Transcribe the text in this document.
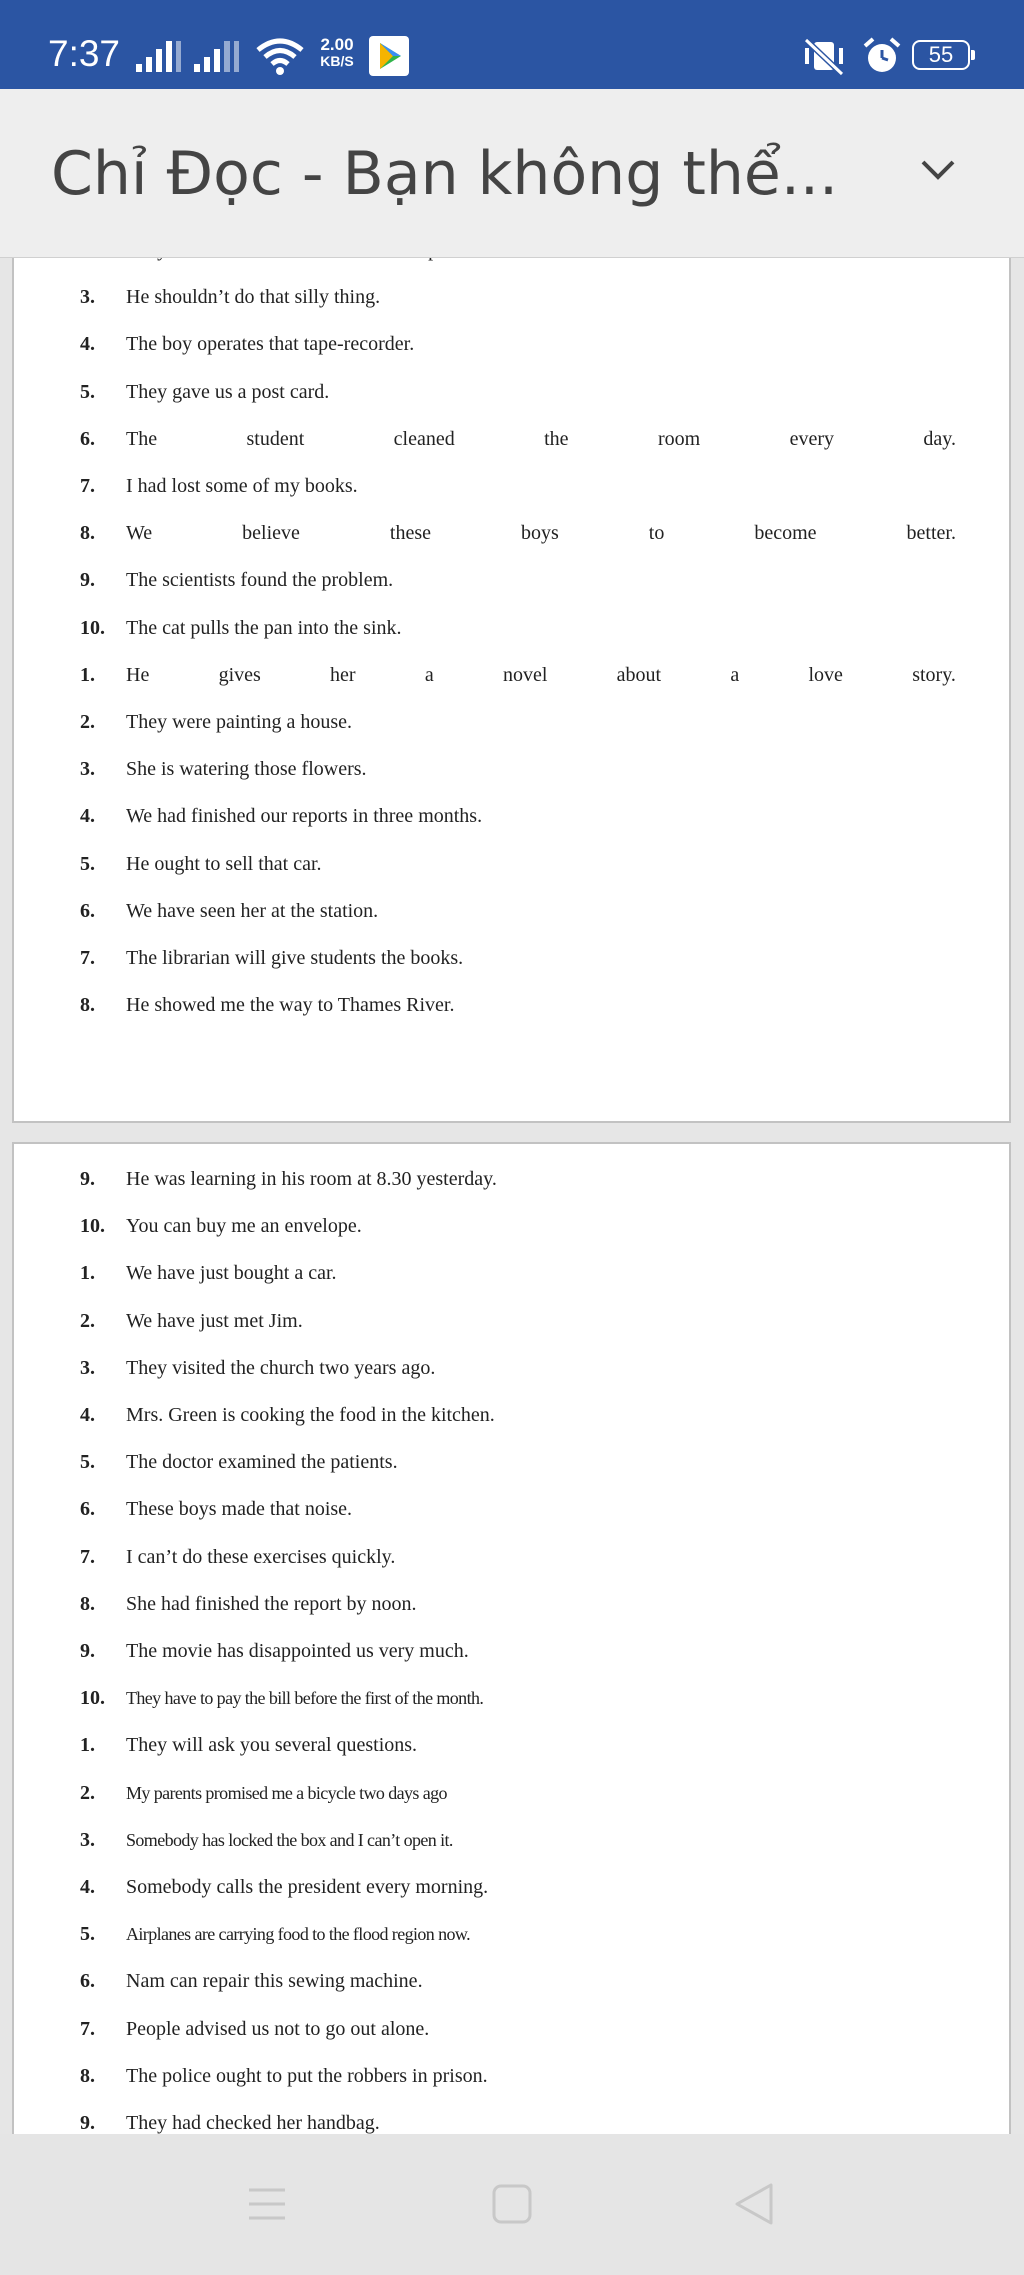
7:37	2.00
KB/S	55
Chỉ Đọc - Bạn không thể...
3.	He shouldn’t do that silly thing.
4.	The boy operates that tape-recorder.
5.	They gave us a post card.
6.	The	student	cleaned	the	room	every	day.
7.	I had lost some of my books.
8.	We	believe	these	boys	to	become	better.
9.	The scientists found the problem.
10. The cat pulls the pan into the sink.
1.	He	gives	her	a	novel	about	a	love	story.
2.	They were painting a house.
3.	She is watering those flowers.
4.	We had finished our reports in three months.
5.	He ought to sell that car.
6.	We have seen her at the station.
7.	The librarian will give students the books.
8.	He showed me the way to Thames River.
9.	He was learning in his room at 8.30 yesterday.
10. You can buy me an envelope.
1.	We have just bought a car.
2.	We have just met Jim.
3.	They visited the church two years ago.
4.	Mrs. Green is cooking the food in the kitchen.
5.	The doctor examined the patients.
6.	These boys made that noise.
7.	I can’t do these exercises quickly.
8.	She had finished the report by noon.
9.	The movie has disappointed us very much.
10. They have to pay the bill before the first of the month.
1.	They will ask you several questions.
2.	My parents promised me a bicycle two days ago
3.	Somebody has locked the box and I can’t open it.
4.	Somebody calls the president every morning.
5.	Airplanes are carrying food to the flood region now.
6.	Nam can repair this sewing machine.
7.	People advised us not to go out alone.
8.	The police ought to put the robbers in prison.
9.	They had checked her handbag.
